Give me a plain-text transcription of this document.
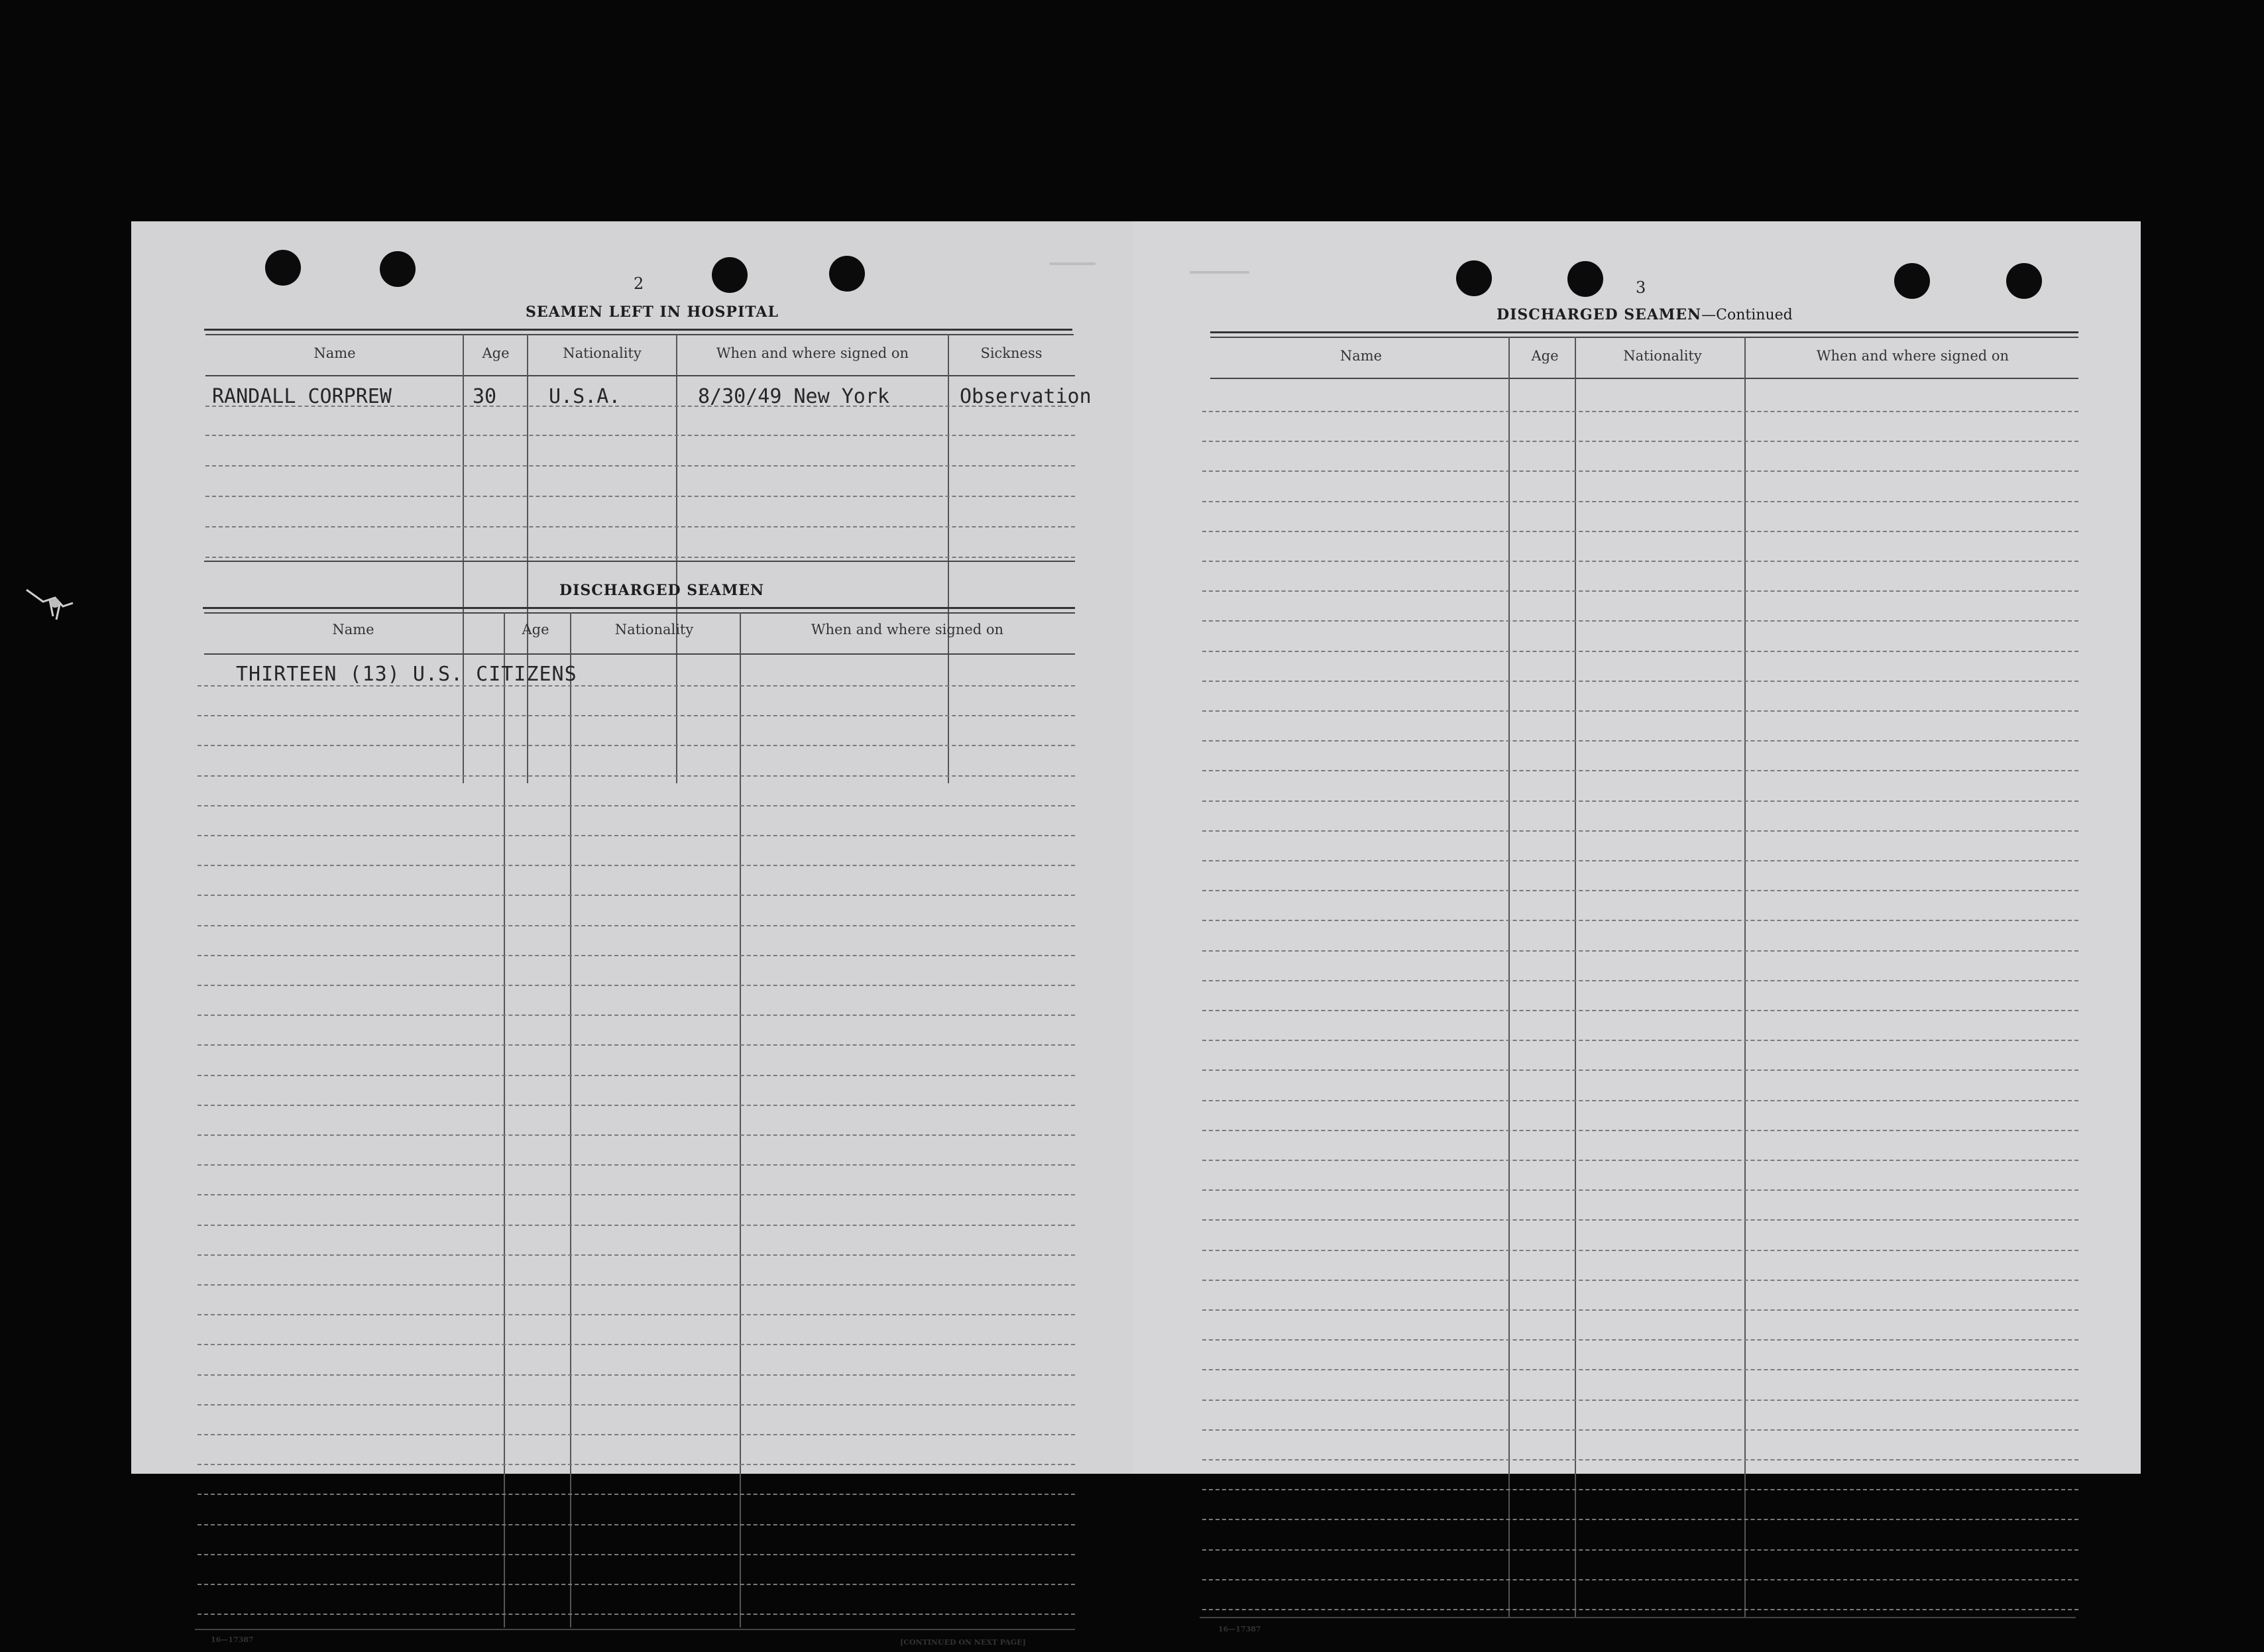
2
SEAMEN LEFT IN HOSPITAL
Name	Age	Nationality	When and where signed on	Sickness
RANDALL CORPREW	30	U.S.A.	8/30/49 New York	Observation
DISCHARGED SEAMEN
Name	Age	Nationality	When and where signed on
THIRTEEN (13) U.S. CITIZENS
16—17387	[CONTINUED ON NEXT PAGE]
3
DISCHARGED SEAMEN—Continued
Name	Age	Nationality	When and where signed on
16—17387
